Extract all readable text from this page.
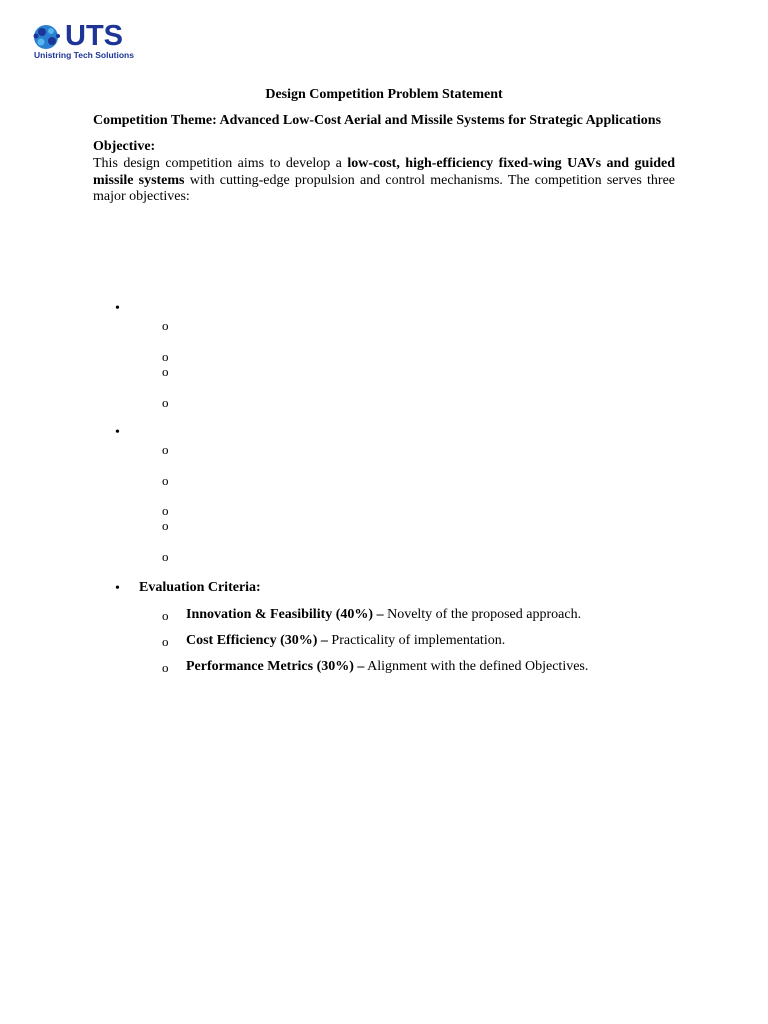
UTS
Unistring Tech Solutions
Design Competition Problem Statement
Competition Theme: Advanced Low-Cost Aerial and Missile Systems for Strategic Applications
Objective:
This design competition aims to develop a low-cost, high-efficiency fixed-wing UAVs and guided missile systems with cutting-edge propulsion and control mechanisms. The competition serves three major objectives:
•
o
o
o
o
•
o
o
o
o
o
• Evaluation Criteria:
o Innovation & Feasibility (40%) – Novelty of the proposed approach.
o Cost Efficiency (30%) – Practicality of implementation.
o Performance Metrics (30%) – Alignment with the defined Objectives.
